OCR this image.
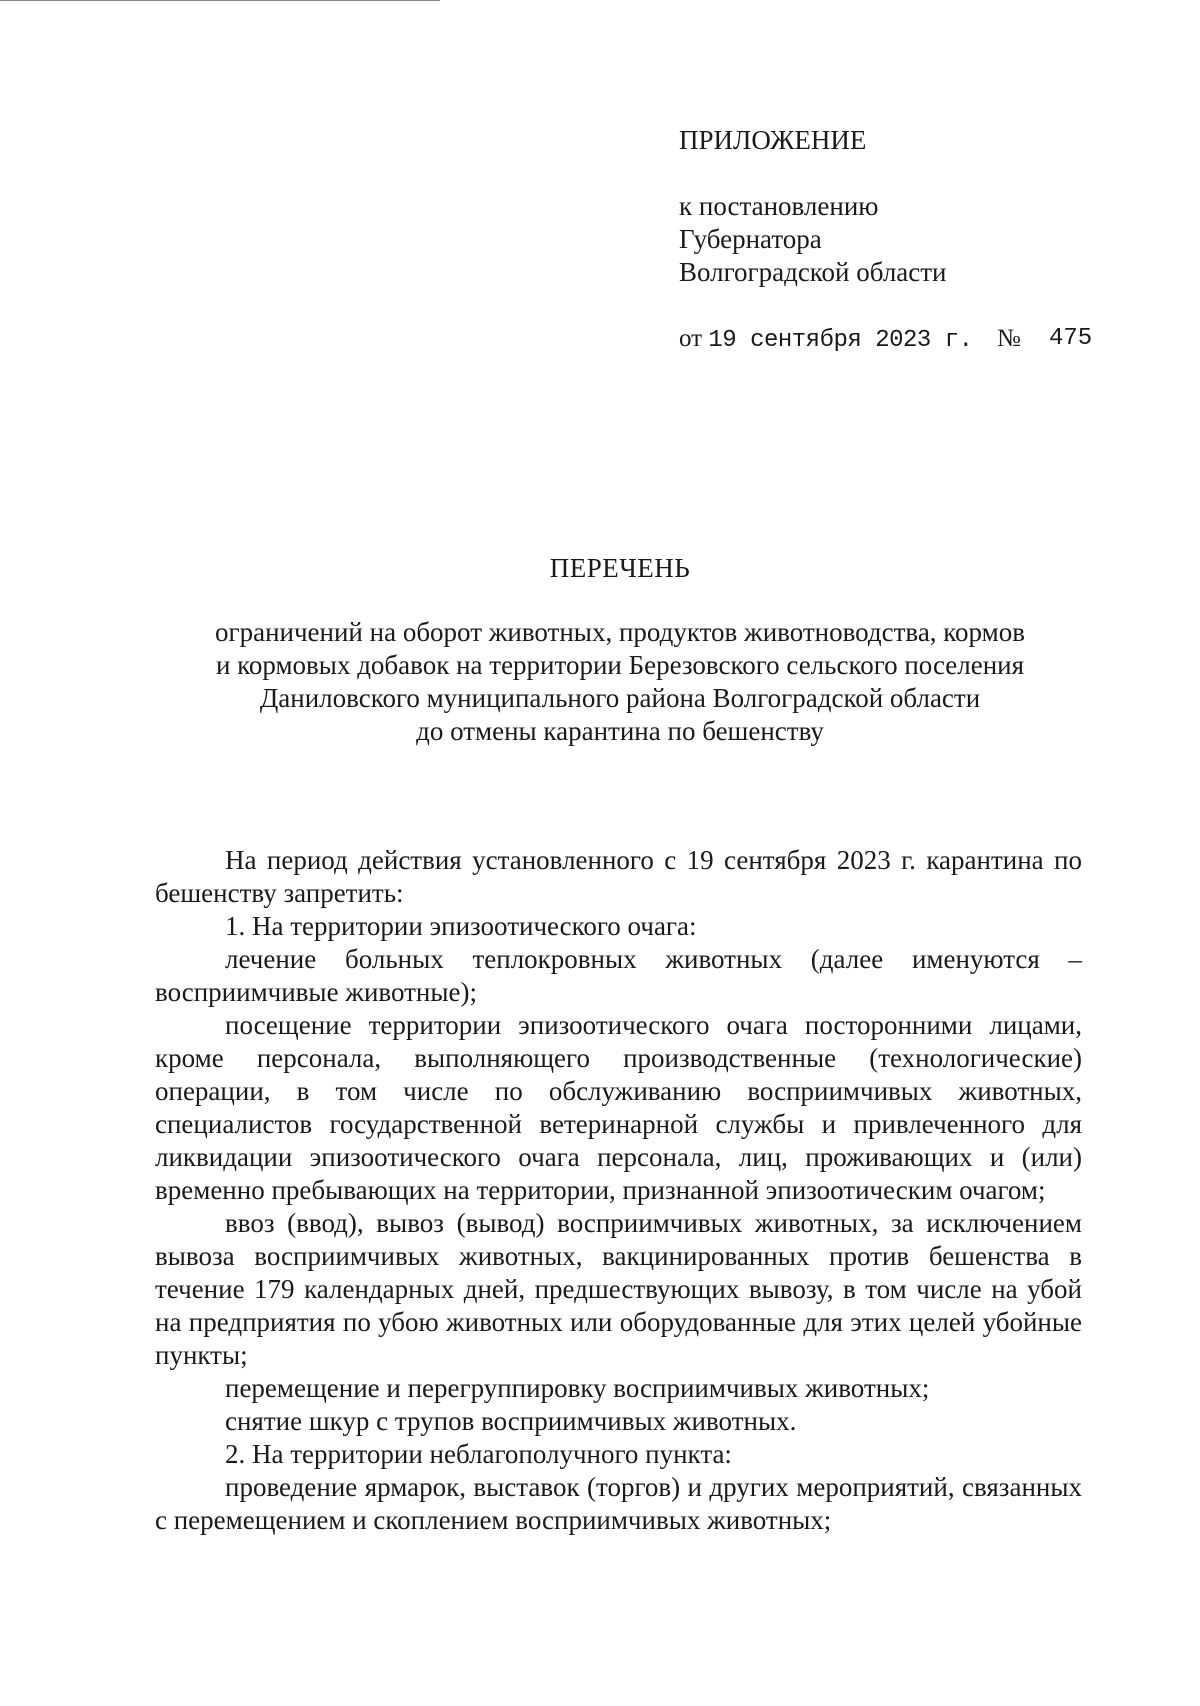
ПРИЛОЖЕНИЕ
к постановлению
Губернатора
Волгоградской области
от 19 сентября 2023 г. № 475
ПЕРЕЧЕНЬ
ограничений на оборот животных, продуктов животноводства, кормов
и кормовых добавок на территории Березовского сельского поселения
Даниловского муниципального района Волгоградской области
до отмены карантина по бешенству

На период действия установленного с 19 сентября 2023 г. карантина по бешенству запретить:

1. На территории эпизоотического очага:

лечение больных теплокровных животных (далее именуются – восприимчивые животные);

посещение территории эпизоотического очага посторонними лицами, кроме персонала, выполняющего производственные (технологические) операции, в том числе по обслуживанию восприимчивых животных, специалистов государственной ветеринарной службы и привлеченного для ликвидации эпизоотического очага персонала, лиц, проживающих и (или) временно пребывающих на территории, признанной эпизоотическим очагом;

ввоз (ввод), вывоз (вывод) восприимчивых животных, за исключением вывоза восприимчивых животных, вакцинированных против бешенства в течение 179 календарных дней, предшествующих вывозу, в том числе на убой на предприятия по убою животных или оборудованные для этих целей убойные пункты;

перемещение и перегруппировку восприимчивых животных;

снятие шкур с трупов восприимчивых животных.

2. На территории неблагополучного пункта:

проведение ярмарок, выставок (торгов) и других мероприятий, связанных с перемещением и скоплением восприимчивых животных;
